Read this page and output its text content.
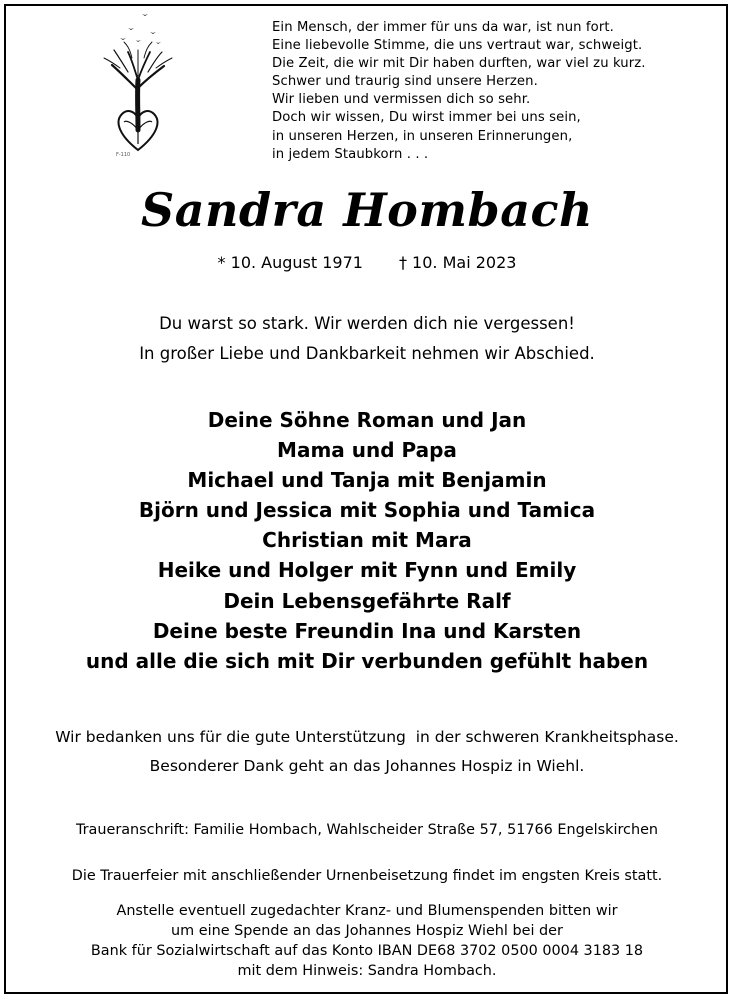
F-110
Ein Mensch, der immer für uns da war, ist nun fort.
Eine liebevolle Stimme, die uns vertraut war, schweigt.
Die Zeit, die wir mit Dir haben durften, war viel zu kurz.
Schwer und traurig sind unsere Herzen.
Wir lieben und vermissen dich so sehr.
Doch wir wissen, Du wirst immer bei uns sein,
in unseren Herzen, in unseren Erinnerungen,
in jedem Staubkorn . . .
Sandra Hombach
* 10. August 1971 † 10. Mai 2023
Du warst so stark. Wir werden dich nie vergessen!
In großer Liebe und Dankbarkeit nehmen wir Abschied.
Deine Söhne Roman und Jan
Mama und Papa
Michael und Tanja mit Benjamin
Björn und Jessica mit Sophia und Tamica
Christian mit Mara
Heike und Holger mit Fynn und Emily
Dein Lebensgefährte Ralf
Deine beste Freundin Ina und Karsten
und alle die sich mit Dir verbunden gefühlt haben
Wir bedanken uns für die gute Unterstützung  in der schweren Krankheitsphase.
Besonderer Dank geht an das Johannes Hospiz in Wiehl.
Traueranschrift: Familie Hombach, Wahlscheider Straße 57, 51766 Engelskirchen
Die Trauerfeier mit anschließender Urnenbeisetzung findet im engsten Kreis statt.
Anstelle eventuell zugedachter Kranz- und Blumenspenden bitten wir
um eine Spende an das Johannes Hospiz Wiehl bei der
Bank für Sozialwirtschaft auf das Konto IBAN DE68 3702 0500 0004 3183 18
mit dem Hinweis: Sandra Hombach.
